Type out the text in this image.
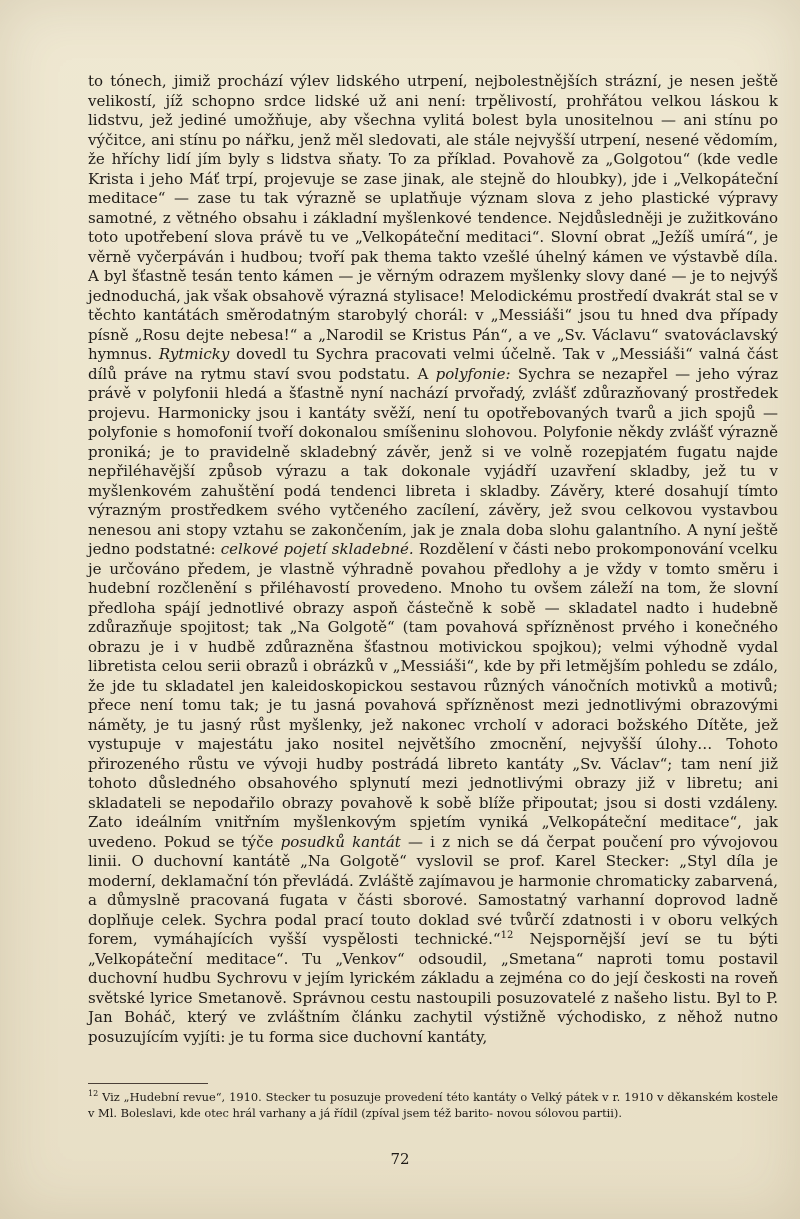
to tónech, jimiž prochází výlev lidského utrpení, nejbolestnějších strázní, je nesen ještě velikostí, jíž schopno srdce lidské už ani není: trpělivostí, prohřátou velkou láskou k lidstvu, jež jediné umožňuje, aby všechna vylitá bolest byla unositelnou — ani stínu po výčitce, ani stínu po nářku, jenž měl sledovati, ale stále nejvyšší utrpení, nesené vědomím, že hříchy lidí jím byly s lidstva sňaty. To za příklad. Povahově za „Golgotou“ (kde vedle Krista i jeho Máť trpí, projevuje se zase jinak, ale stejně do hloubky), jde i „Velkopáteční meditace“ — zase tu tak výrazně se uplatňuje význam slova z jeho plastické výpravy samotné, z větného obsahu i základní myšlenkové tendence. Nejdůsledněji je zužitkováno toto upotřebení slova právě tu ve „Velkopáteční meditaci“. Slovní obrat „Ježíš umírá“, je věrně vyčerpáván i hudbou; tvoří pak thema takto vzešlé úhelný kámen ve výstavbě díla. A byl šťastně tesán tento kámen — je věrným odrazem myšlenky slovy dané — je to nejvýš jednoduchá, jak však obsahově výrazná stylisace! Melodickému prostředí dvakrát stal se v těchto kantátách směrodatným starobylý chorál: v „Messiáši“ jsou tu hned dva případy písně „Rosu dejte nebesa!“ a „Narodil se Kristus Pán“, a ve „Sv. Václavu“ svatováclavský hymnus. Rytmicky dovedl tu Sychra pracovati velmi účelně. Tak v „Messiáši“ valná část dílů práve na rytmu staví svou podstatu. A polyfonie: Sychra se nezapřel — jeho výraz právě v polyfonii hledá a šťastně nyní nachází prvořadý, zvlášť zdůrazňovaný prostředek projevu. Harmonicky jsou i kantáty svěží, není tu opotřebovaných tvarů a jich spojů — polyfonie s homofonií tvoří dokonalou smíšeninu slohovou. Polyfonie někdy zvlášť výrazně proniká; je to pravidelně skladebný závěr, jenž si ve volně rozepjatém fugatu najde nepřiléhavější způsob výrazu a tak dokonale vyjádří uzavření skladby, jež tu v myšlenkovém zahuštění podá tendenci libreta i skladby. Závěry, které dosahují tímto výrazným prostředkem svého vytčeného zacílení, závěry, jež svou celkovou vystavbou nenesou ani stopy vztahu se zakončením, jak je znala doba slohu galantního. A nyní ještě jedno podstatné: celkové pojetí skladebné. Rozdělení v části nebo prokomponování vcelku je určováno předem, je vlastně výhradně povahou předlohy a je vždy v tomto směru i hudební rozčlenění s přiléhavostí provedeno. Mnoho tu ovšem záleží na tom, že slovní předloha spájí jednotlivé obrazy aspoň částečně k sobě — skladatel nadto i hudebně zdůrazňuje spojitost; tak „Na Golgotě“ (tam povahová spřízněnost prvého i konečného obrazu je i v hudbě zdůrazněna šťastnou motivickou spojkou); velmi výhodně vydal libretista celou serii obrazů i obrázků v „Messiáši“, kde by při letmějším pohledu se zdálo, že jde tu skladatel jen kaleidoskopickou sestavou různých vánočních motivků a motivů; přece není tomu tak; je tu jasná povahová spřízněnost mezi jednotlivými obrazovými náměty, je tu jasný růst myšlenky, jež nakonec vrcholí v adoraci božského Dítěte, jež vystupuje v majestátu jako nositel největšího zmocnění, nejvyšší úlohy… Tohoto přirozeného růstu ve vývoji hudby postrádá libreto kantáty „Sv. Václav“; tam není již tohoto důsledného obsahového splynutí mezi jednotlivými obrazy již v libretu; ani skladateli se nepodařilo obrazy povahově k sobě blíže připoutat; jsou si dosti vzdáleny. Zato ideálním vnitřním myšlenkovým spjetím vyniká „Velkopáteční meditace“, jak uvedeno. Pokud se týče posudků kantát — i z nich se dá čerpat poučení pro vývojovou linii. O duchovní kantátě „Na Golgotě“ vyslovil se prof. Karel Stecker: „Styl díla je moderní, deklamační tón převládá. Zvláště zajímavou je harmonie chromaticky zabarvená, a důmyslně pracovaná fugata v části sborové. Samostatný varhanní doprovod ladně doplňuje celek. Sychra podal prací touto doklad své tvůrčí zdatnosti i v oboru velkých forem, vymáhajících vyšší vyspělosti technické.“$^{12}$ Nejspornější jeví se tu býti „Velkopáteční meditace“. Tu „Venkov“ odsoudil, „Smetana“ naproti tomu postavil duchovní hudbu Sychrovu v jejím lyrickém základu a zejména co do její českosti na roveň světské lyrice Smetanově. Správnou cestu nastoupili posuzovatelé z našeho listu. Byl to P. Jan Boháč, který ve zvláštním článku zachytil výstižně východisko, z něhož nutno posuzujícím vyjíti: je tu forma sice duchovní kantáty,

$^{12}$ Viz „Hudební revue“, 1910. Stecker tu posuzuje provedení této kantáty o Velký pátek v r. 1910 v děkanském kostele v Ml. Boleslavi, kde otec hrál varhany a já řídil (zpíval jsem též barito- novou sólovou partii).

72
